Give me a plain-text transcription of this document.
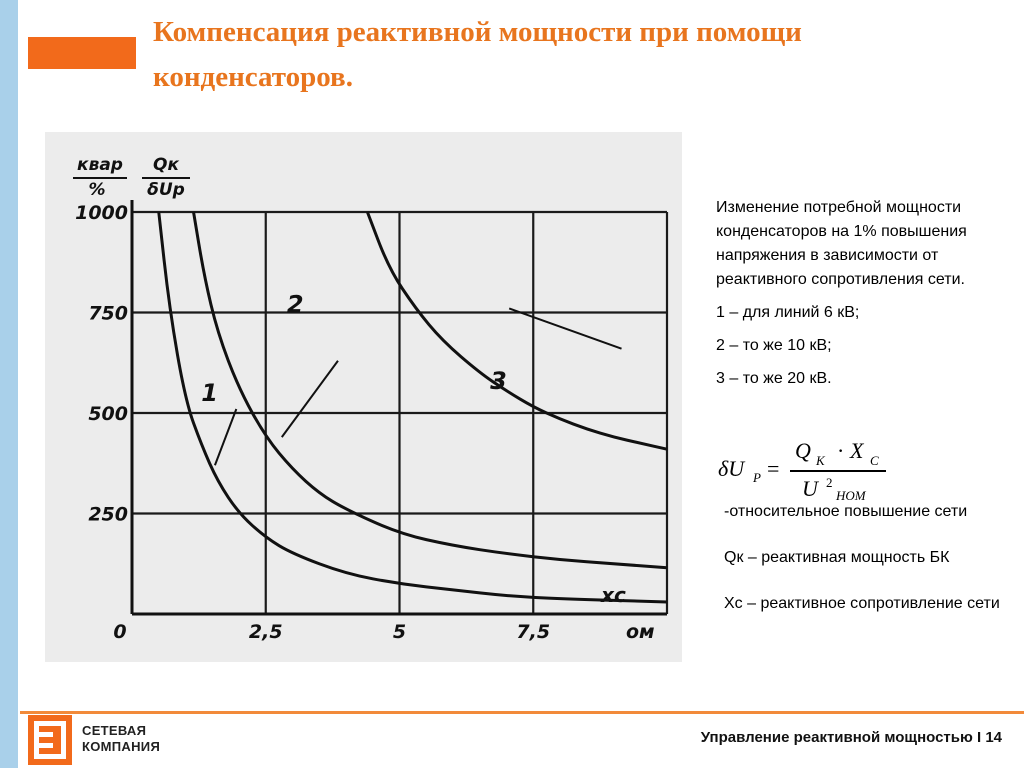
Компенсация реактивной мощности при помощи конденсаторов.
1000
750
500
250
0	2,5	5	7,5	ом
xc
квар
%
Qк
δUp
1
2
3

Изменение потребной мощности конденсаторов на 1% повышения напряжения в зависимости от реактивного сопротивления сети.

1 – для линий 6 кВ;

2 – то же 10 кВ;

3 – то же 20 кВ.

δU P =
Q K · X C
U 2
НОМ

-относительное повышение сети

Qк – реактивная мощность БК

Xc – реактивное сопротивление сети

СЕТЕВАЯ
КОМПАНИЯ
Управление реактивной мощностью I 14
